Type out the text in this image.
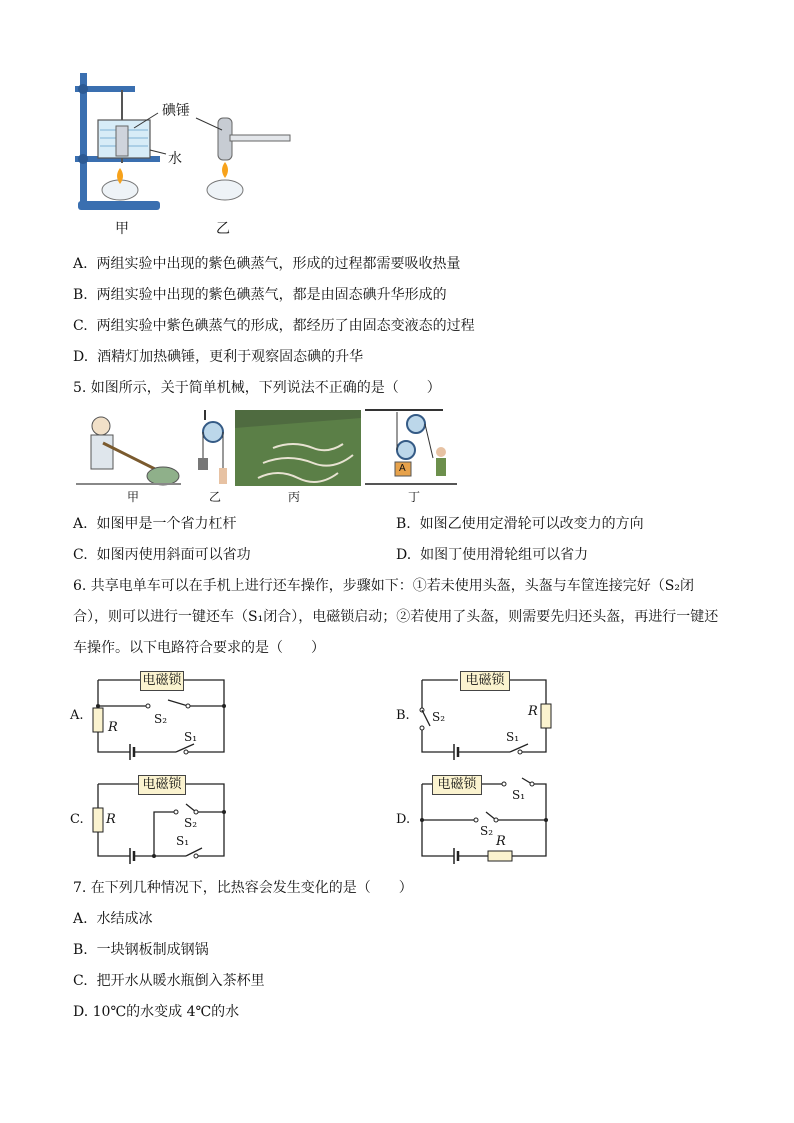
碘锤
水
甲	乙
A. 两组实验中出现的紫色碘蒸气，形成的过程都需要吸收热量
B. 两组实验中出现的紫色碘蒸气，都是由固态碘升华形成的
C. 两组实验中紫色碘蒸气的形成，都经历了由固态变液态的过程
D. 酒精灯加热碘锤，更利于观察固态碘的升华
5. 如图所示，关于简单机械，下列说法不正确的是（　　）
A
甲	乙	丙	丁
A. 如图甲是一个省力杠杆	B. 如图乙使用定滑轮可以改变力的方向
C. 如图丙使用斜面可以省功	D. 如图丁使用滑轮组可以省力
6. 共享电单车可以在手机上进行还车操作，步骤如下：①若未使用头盔，头盔与车筐连接完好（S₂闭
合），则可以进行一键还车（S₁闭合），电磁锁启动；②若使用了头盔，则需要先归还头盔，再进行一键还
车操作。以下电路符合要求的是（　　）
A.
电磁锁
R
S₂
S₁
B.
电磁锁
R
S₂
S₁
C.
电磁锁
R	S₂
S₁
D.
电磁锁
R
S₁
S₂
7. 在下列几种情况下，比热容会发生变化的是（　　）
A. 水结成冰
B. 一块钢板制成钢锅
C. 把开水从暖水瓶倒入茶杯里
D. 10℃的水变成 4℃的水
